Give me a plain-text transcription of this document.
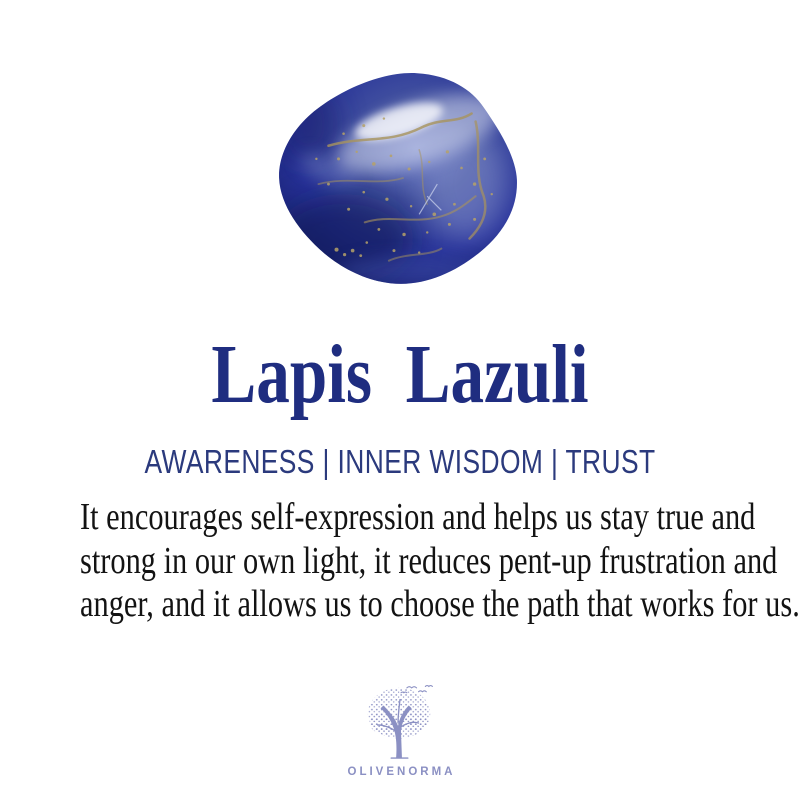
Lapis  Lazuli
AWARENESS | INNER WISDOM | TRUST
It encourages self-expression and helps us stay true and
strong in our own light, it reduces pent-up frustration and
anger, and it allows us to choose the path that works for us.
OLIVENORMA
